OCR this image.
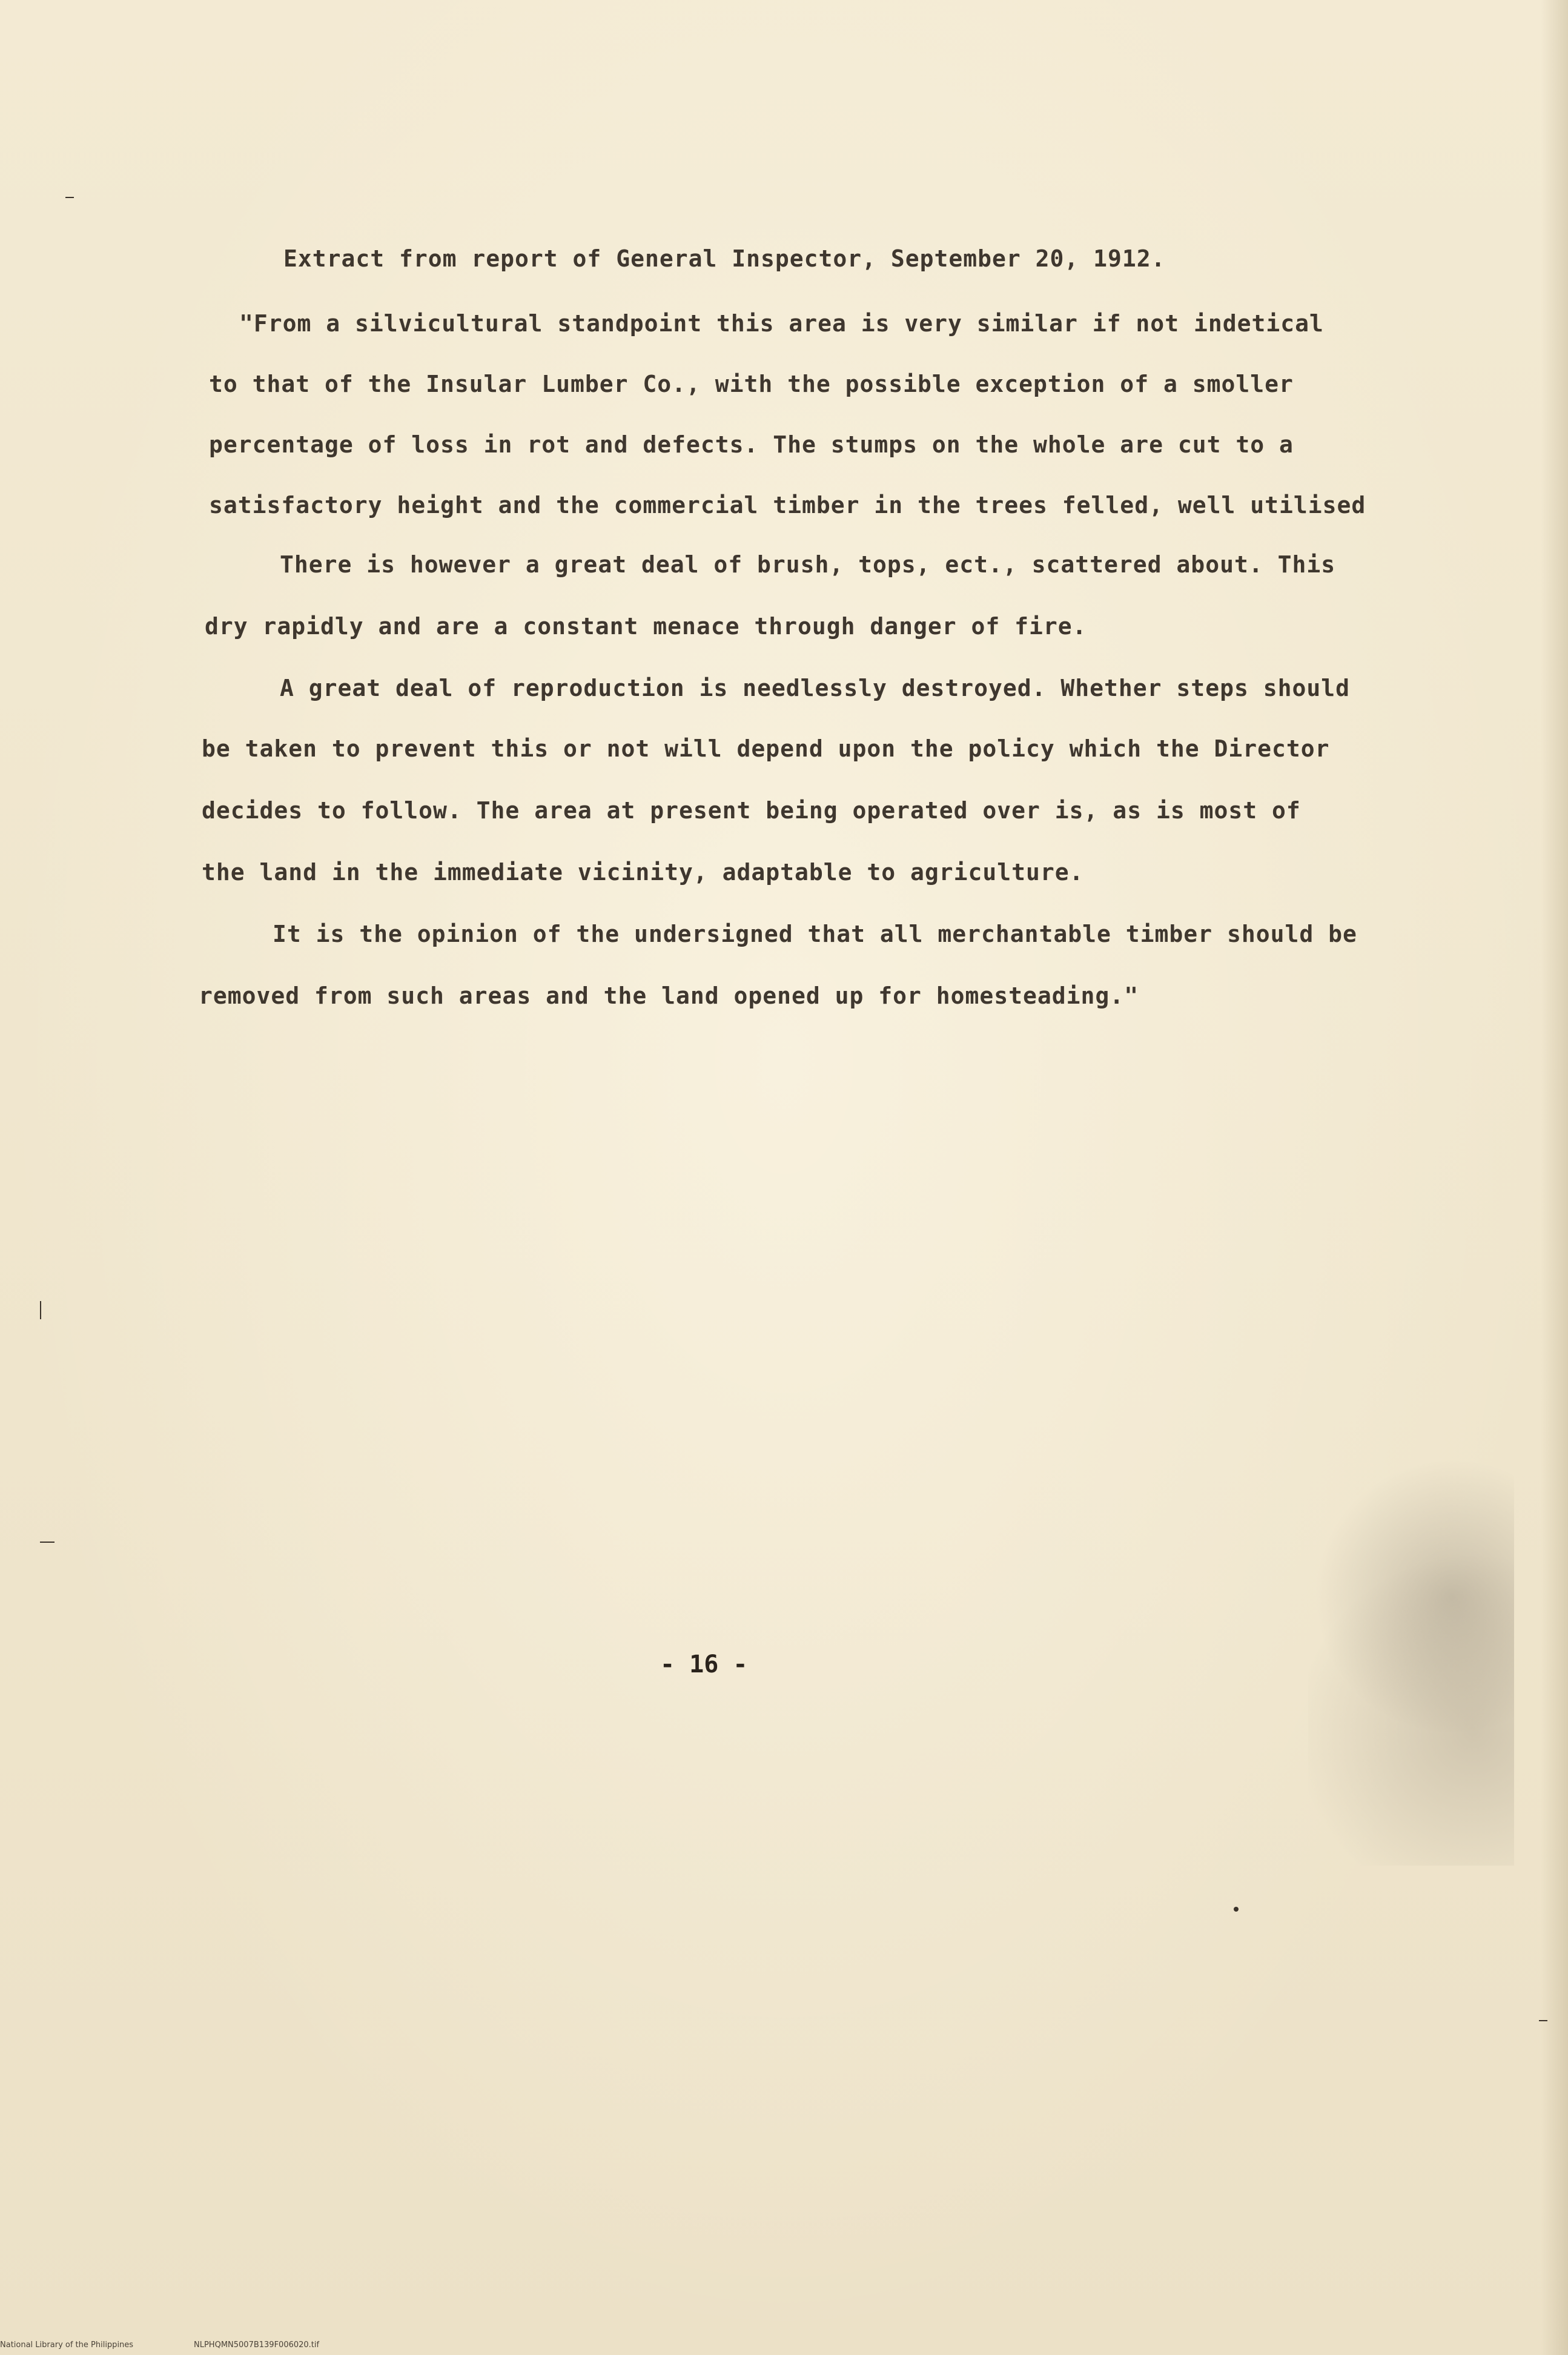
Extract from report of General Inspector, September 20, 1912.
"From a silvicultural standpoint this area is very similar if not indetical
to that of the Insular Lumber Co., with the possible exception of a smoller
percentage of loss in rot and defects. The stumps on the whole are cut to a
satisfactory height and the commercial timber in the trees felled, well utilised
There is however a great deal of brush, tops, ect., scattered about. This
dry rapidly and are a constant menace through danger of fire.
A great deal of reproduction is needlessly destroyed. Whether steps should
be taken to prevent this or not will depend upon the policy which the Director
decides to follow. The area at present being operated over is, as is most of
the land in the immediate vicinity, adaptable to agriculture.
It is the opinion of the undersigned that all merchantable timber should be
removed from such areas and the land opened up for homesteading."
- 16 -
National Library of the Philippines	NLPHQMN5007B139F006020.tif
